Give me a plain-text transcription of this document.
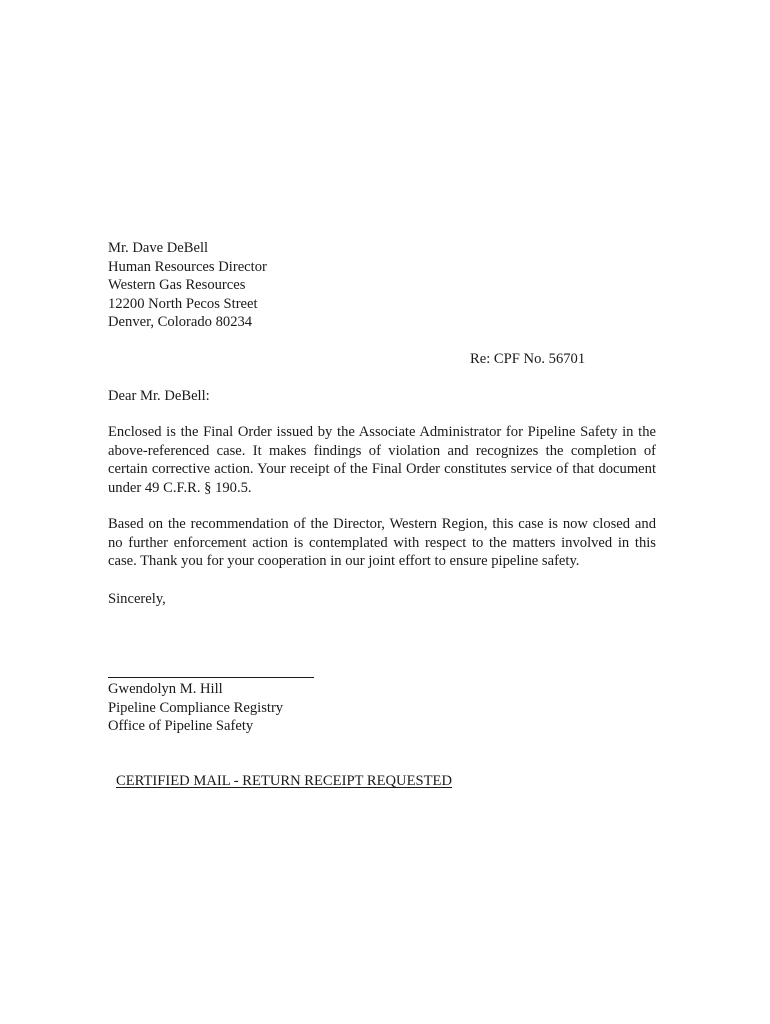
Mr. Dave DeBell
Human Resources Director
Western Gas Resources
12200 North Pecos Street
Denver, Colorado 80234
Re: CPF No. 56701
Dear Mr. DeBell:
Enclosed is the Final Order issued by the Associate Administrator for Pipeline Safety in the above-referenced case. It makes findings of violation and recognizes the completion of certain corrective action. Your receipt of the Final Order constitutes service of that document under 49 C.F.R. § 190.5.
Based on the recommendation of the Director, Western Region, this case is now closed and no further enforcement action is contemplated with respect to the matters involved in this case. Thank you for your cooperation in our joint effort to ensure pipeline safety.
Sincerely,
Gwendolyn M. Hill
Pipeline Compliance Registry
Office of Pipeline Safety
CERTIFIED MAIL - RETURN RECEIPT REQUESTED
